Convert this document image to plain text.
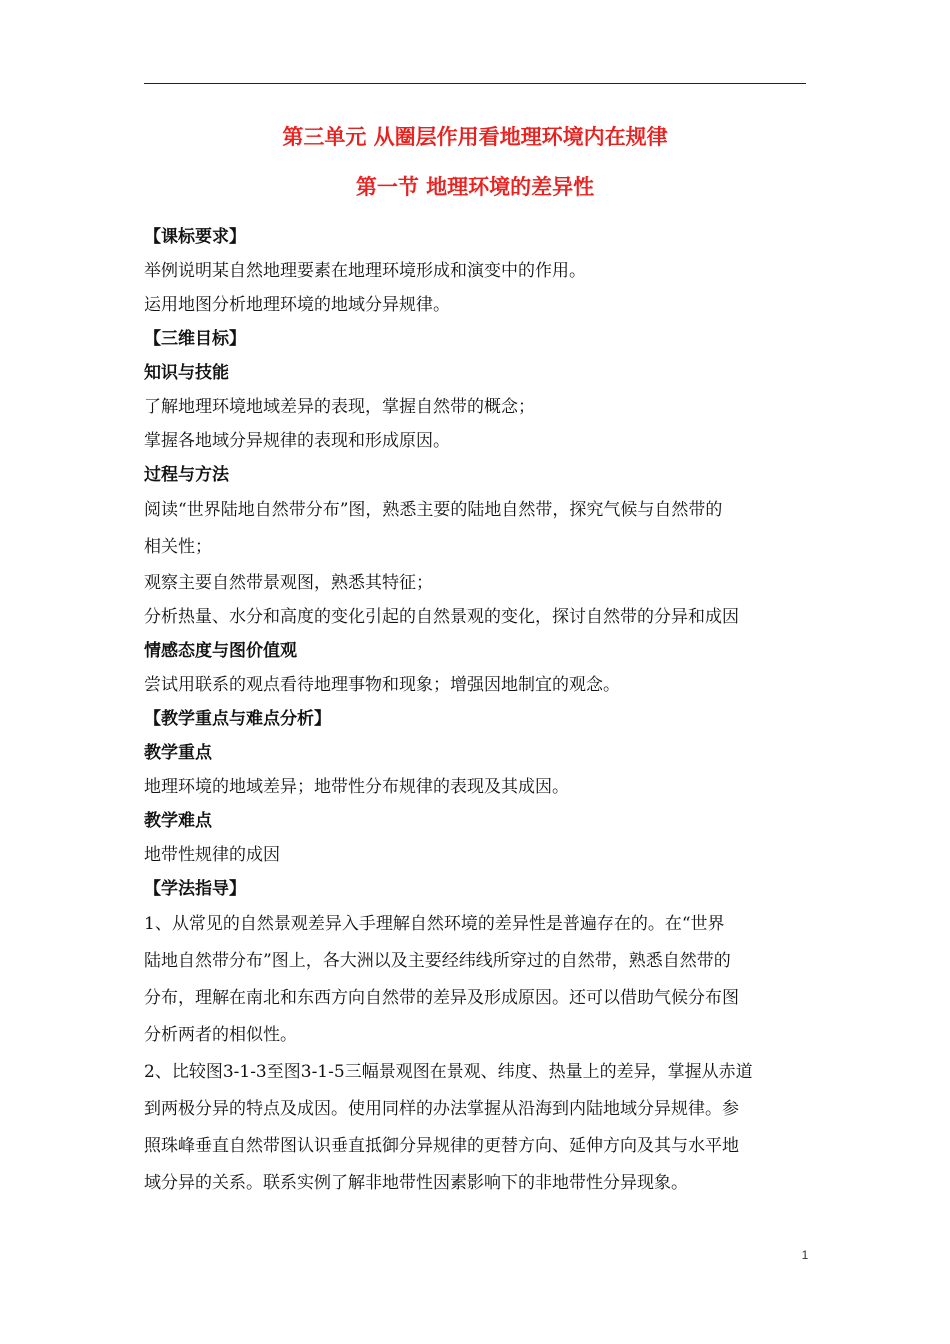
第三单元 从圈层作用看地理环境内在规律
第一节 地理环境的差异性
【课标要求】
举例说明某自然地理要素在地理环境形成和演变中的作用。
运用地图分析地理环境的地域分异规律。
【三维目标】
知识与技能
了解地理环境地域差异的表现，掌握自然带的概念；
掌握各地域分异规律的表现和形成原因。
过程与方法
阅读“世界陆地自然带分布”图，熟悉主要的陆地自然带，探究气候与自然带的
相关性；
观察主要自然带景观图，熟悉其特征；
分析热量、水分和高度的变化引起的自然景观的变化，探讨自然带的分异和成因
情感态度与图价值观
尝试用联系的观点看待地理事物和现象；增强因地制宜的观念。
【教学重点与难点分析】
教学重点
地理环境的地域差异；地带性分布规律的表现及其成因。
教学难点
地带性规律的成因
【学法指导】
1、从常见的自然景观差异入手理解自然环境的差异性是普遍存在的。在“世界
陆地自然带分布”图上，各大洲以及主要经纬线所穿过的自然带，熟悉自然带的
分布，理解在南北和东西方向自然带的差异及形成原因。还可以借助气候分布图
分析两者的相似性。
2、比较图3-1-3至图3-1-5三幅景观图在景观、纬度、热量上的差异，掌握从赤道
到两极分异的特点及成因。使用同样的办法掌握从沿海到内陆地域分异规律。参
照珠峰垂直自然带图认识垂直抵御分异规律的更替方向、延伸方向及其与水平地
域分异的关系。联系实例了解非地带性因素影响下的非地带性分异现象。
1
